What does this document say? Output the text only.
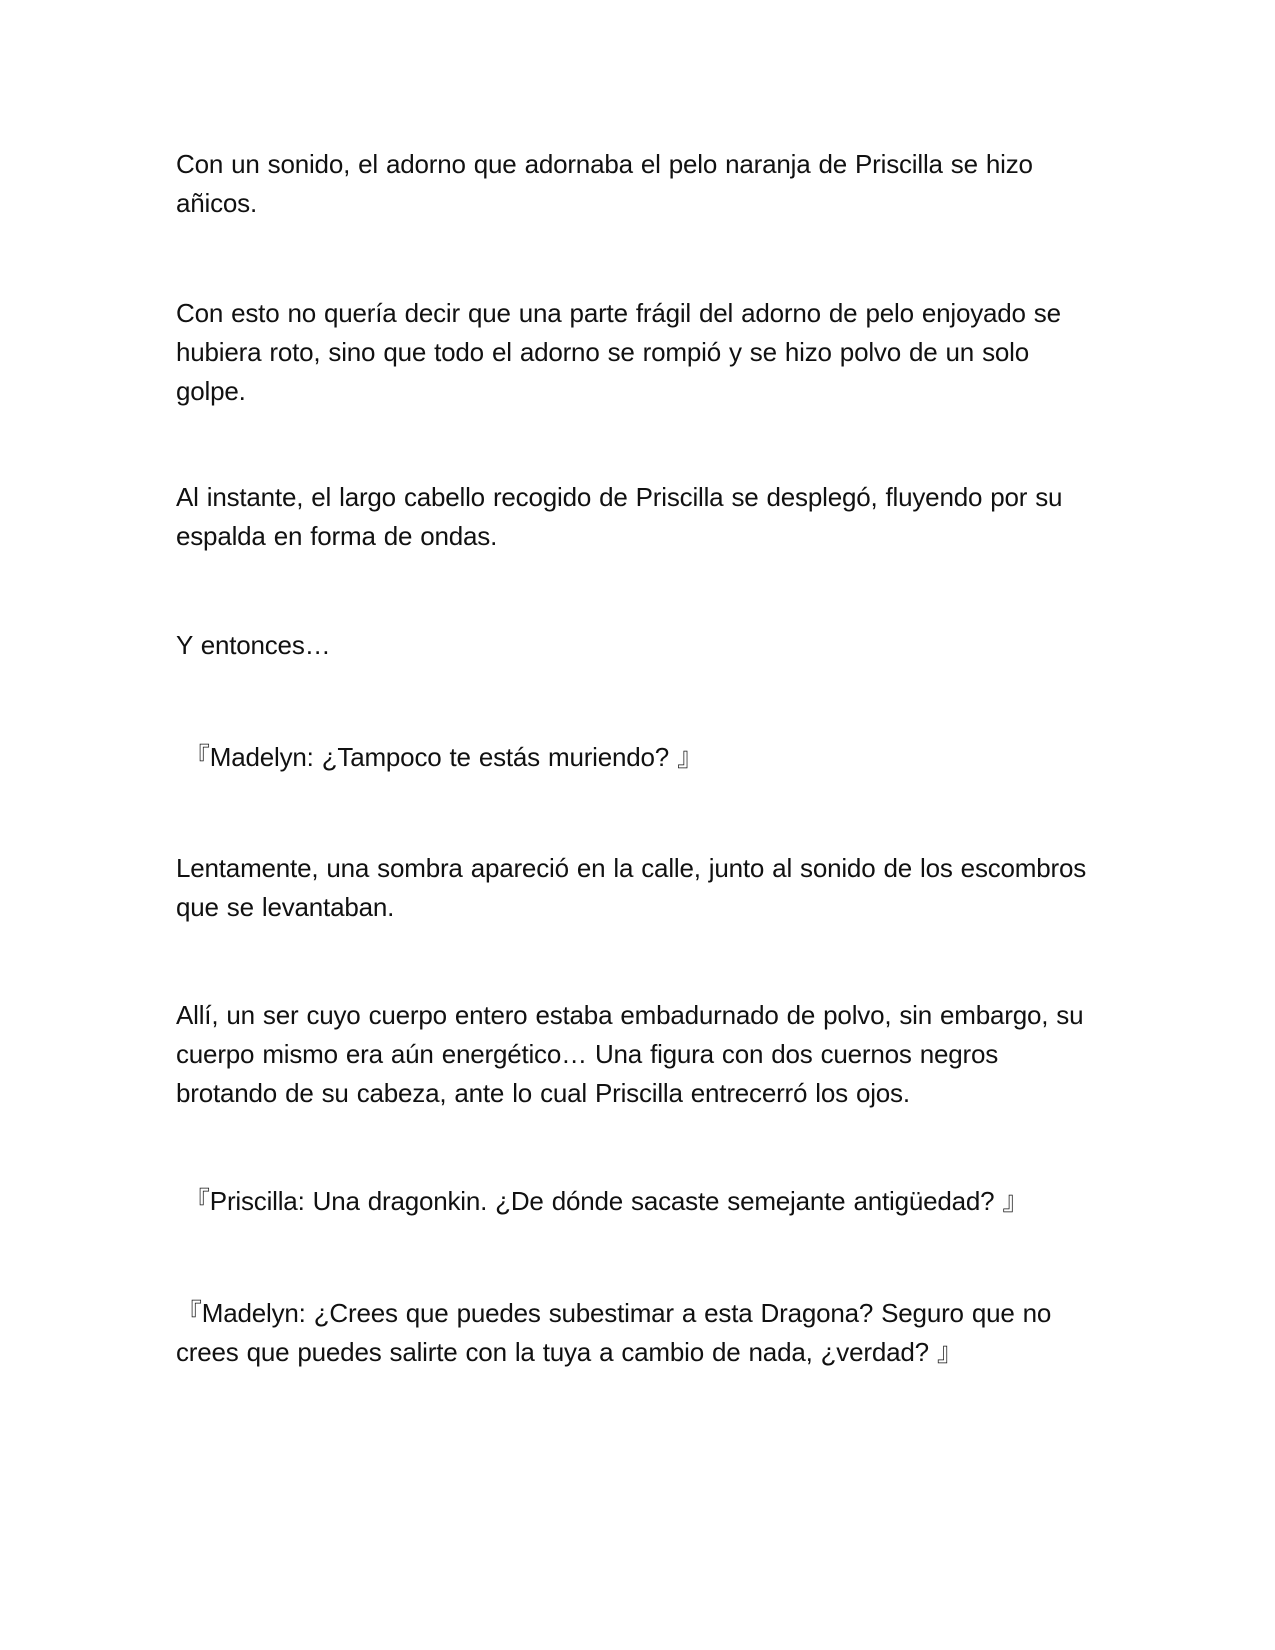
Con un sonido, el adorno que adornaba el pelo naranja de Priscilla se hizo añicos.

Con esto no quería decir que una parte frágil del adorno de pelo enjoyado se hubiera roto, sino que todo el adorno se rompió y se hizo polvo de un solo golpe.

Al instante, el largo cabello recogido de Priscilla se desplegó, fluyendo por su espalda en forma de ondas.

Y entonces…

『Madelyn: ¿Tampoco te estás muriendo? 』

Lentamente, una sombra apareció en la calle, junto al sonido de los escombros que se levantaban.

Allí, un ser cuyo cuerpo entero estaba embadurnado de polvo, sin embargo, su cuerpo mismo era aún energético… Una figura con dos cuernos negros brotando de su cabeza, ante lo cual Priscilla entrecerró los ojos.

『Priscilla: Una dragonkin. ¿De dónde sacaste semejante antigüedad? 』

『Madelyn: ¿Crees que puedes subestimar a esta Dragona? Seguro que no crees que puedes salirte con la tuya a cambio de nada, ¿verdad? 』
